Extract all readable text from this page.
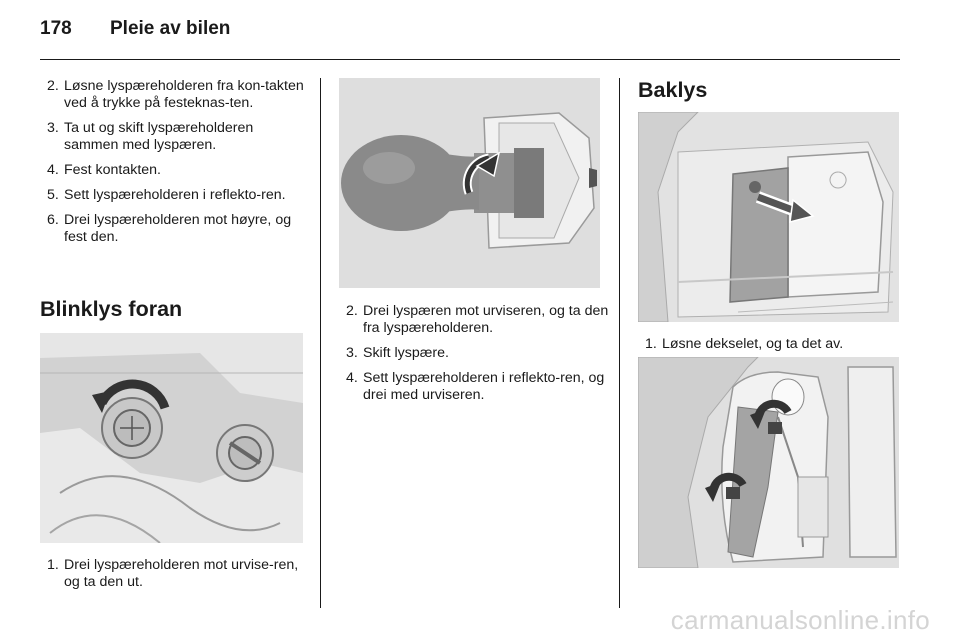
178 Pleie av bilen
2. Løsne lyspæreholderen fra kon-takten ved å trykke på festeknas-ten.
3. Ta ut og skift lyspæreholderen sammen med lyspæren.
4. Fest kontakten.
5. Sett lyspæreholderen i reflekto-ren.
6. Drei lyspæreholderen mot høyre, og fest den.
Blinklys foran
1. Drei lyspæreholderen mot urvise-ren, og ta den ut.
2. Drei lyspæren mot urviseren, og ta den fra lyspæreholderen.
3. Skift lyspære.
4. Sett lyspæreholderen i reflekto-ren, og drei med urviseren.
Baklys
1. Løsne dekselet, og ta det av.
carmanualsonline.info
